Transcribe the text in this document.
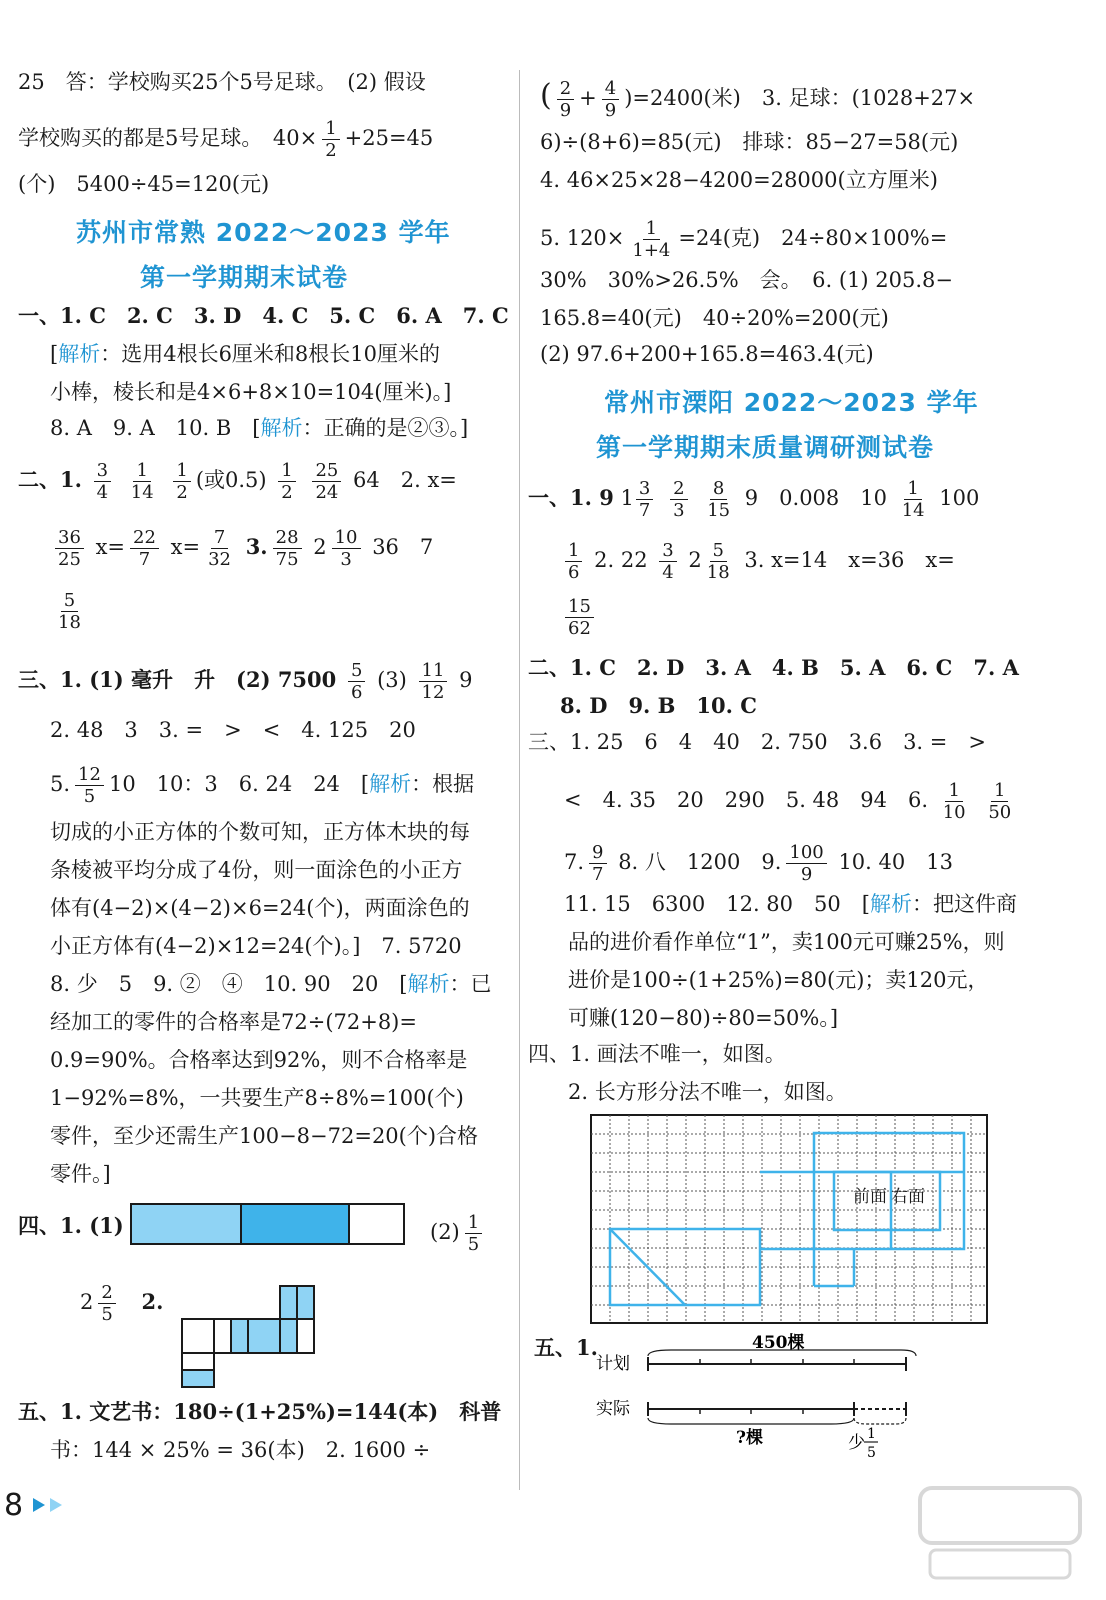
25　答：学校购买25个5号足球。　(2) 假设
学校购买的都是5号足球。　$40\times \frac{1}{2} +25=45$
(个)　5400÷45=120(元)
苏州市常熟 2022～2023 学年
第一学期期末试卷
一、1. C　2. C　3. D　4. C　5. C　6. A　7. C
[解析：选用4根长6厘米和8根长10厘米的
小棒，棱长和是4×6+8×10=104(厘米)。]
8. A　9. A　10. B　[解析：正确的是②③。]
二、1. $\frac{3}{4}$
$\frac{1}{14}$
$\frac{1}{2}$ (或$0.5) \frac{1}{2}$
$\frac{25}{24} 64$　2. x=
$\frac{36}{25} x= \frac{22}{7} x= \frac{7}{32} 3$. $\frac{28}{75} 2 \frac{10}{3} 36$　7
$\frac{5}{18}$
三、1. (1) 毫升　升　(2) $7500 \frac{5}{6} (3) \frac{11}{12} 9$
2. 48　3　3. =　>　<　4. 125　20
5. $\frac{12}{5} 10$　10：3　6. 24　24　[解析：根据
切成的小正方体的个数可知，正方体木块的每
条棱被平均分成了4份，则一面涂色的小正方
体有(4−2)×(4−2)×6=24(个)，两面涂色的
小正方体有(4−2)×12=24(个)。]　7. 5720
8. 少　5　9. ②　④　10. 90　20　[解析：已
经加工的零件的合格率是72÷(72+8)=
0.9=90%。合格率达到92%，则不合格率是
1−92%=8%，一共要生产8÷8%=100(个)
零件，至少还需生产100−8−72=20(个)合格
零件。]
四、1. (1)	$(2) \frac{1}{5}$
$2 \frac{2}{5} 2$.
五、1. 文艺书：180÷(1+25%)=144(本)　科普
书：144 × 25% = 36(本)　2. 1600 ÷
( $\frac{2}{9} + \frac{4}{9} )=2400$(米)　3. 足球：(1028+27×
6)÷(8+6)=85(元)　排球：85−27=58(元)
4. 46×25×28−4200=28000(立方厘米)
5. $120\times \frac{1}{1+4} =24$(克)　24÷80×100%=
30%　30%>26.5%　会。　6. (1) 205.8−
165.8=40(元)　40÷20%=200(元)
(2) 97.6+200+165.8=463.4(元)
常州市溧阳 2022～2023 学年
第一学期期末质量调研测试卷
一、1. 9 $1 \frac{3}{7}$
$\frac{2}{3}$
$\frac{8}{15} 9$　0.008　$10 \frac{1}{14} 100$
$\frac{1}{6} 2$. $22 \frac{3}{4} 2 \frac{5}{18} 3$. x=14　x=36　x=
$\frac{15}{62}$
二、1. C　2. D　3. A　4. B　5. A　6. C　7. A
8. D　9. B　10. C
三、1. 25　6　4　40　2. 750　3.6　3. =　>
<　4. 35　20　290　5. 48　94　6. $\frac{1}{10}$
$\frac{1}{50}$
7. $\frac{9}{7} 8$. 八　1200　9. $\frac{100}{9} 10$. 40　13
11. 15　6300　12. 80　50　[解析：把这件商
品的进价看作单位“1”，卖100元可赚25%，则
进价是100÷(1+25%)=80(元)；卖120元，
可赚(120−80)÷80=50%。]
四、1. 画法不唯一，如图。
2. 长方形分法不唯一，如图。
前面 右面
五、1.	450棵
计划
实际
?棵	少 1
5
8
